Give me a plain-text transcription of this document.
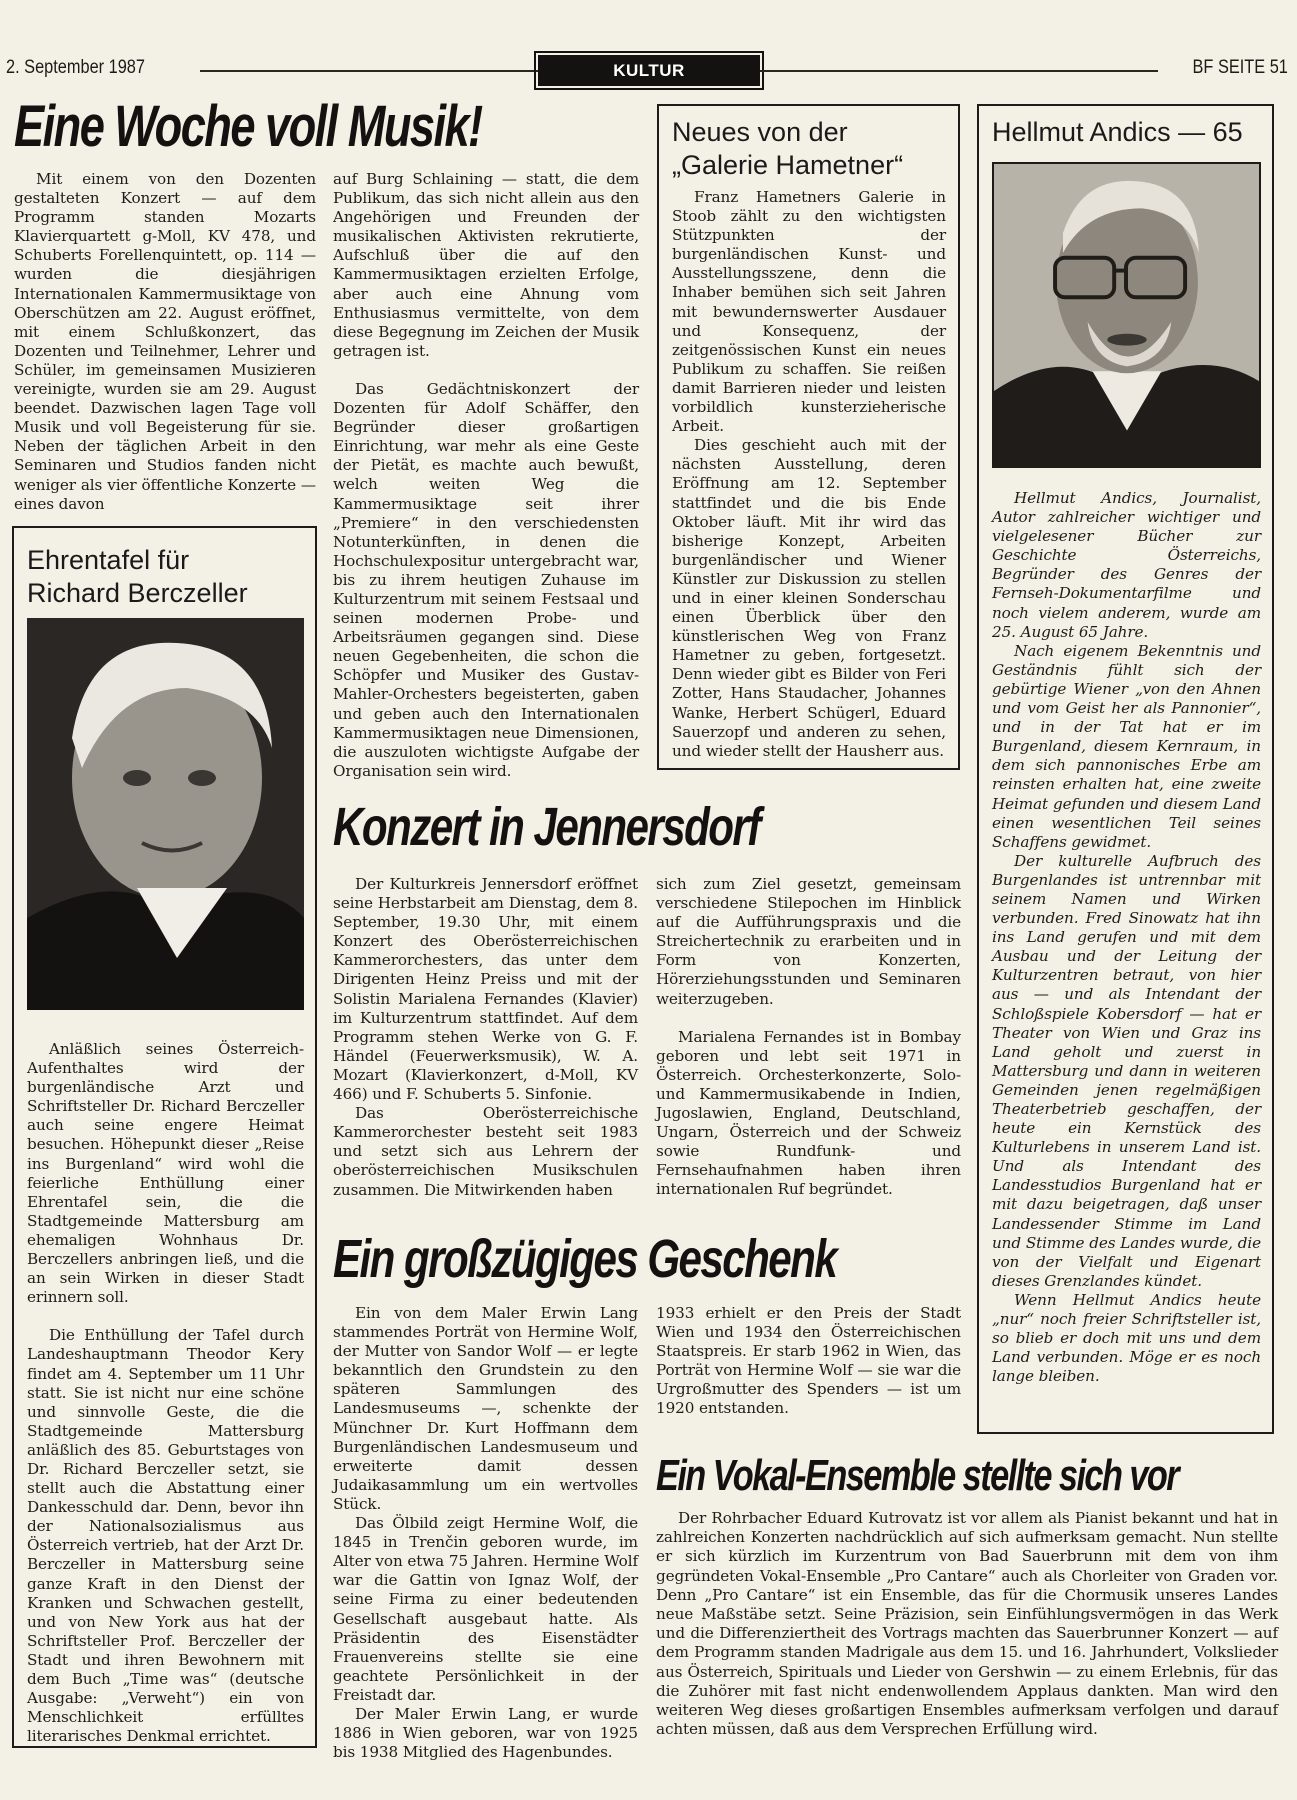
2. September 1987	KULTUR	BF SEITE 51
Eine Woche voll Musik!

Mit einem von den Dozenten gestalteten Konzert — auf dem Programm standen Mozarts Klavierquartett g-Moll, KV 478, und Schuberts Forellenquintett, op. 114 — wurden die diesjährigen Internationalen Kammermusiktage von Oberschützen am 22. August eröffnet, mit einem Schlußkonzert, das Dozenten und Teilnehmer, Lehrer und Schüler, im gemeinsamen Musizieren vereinigte, wurden sie am 29. August beendet. Dazwischen lagen Tage voll Musik und voll Begeisterung für sie. Neben der täglichen Arbeit in den Seminaren und Studios fanden nicht weniger als vier öffentliche Konzerte — eines davon

auf Burg Schlaining — statt, die dem Publikum, das sich nicht allein aus den Angehörigen und Freunden der musikalischen Aktivisten rekrutierte, Aufschluß über die auf den Kammermusiktagen erzielten Erfolge, aber auch eine Ahnung vom Enthusiasmus vermittelte, von dem diese Begegnung im Zeichen der Musik getragen ist.

Das Gedächtniskonzert der Dozenten für Adolf Schäffer, den Begründer dieser großartigen Einrichtung, war mehr als eine Geste der Pietät, es machte auch bewußt, welch weiten Weg die Kammermusiktage seit ihrer „Premiere“ in den verschiedensten Notunterkünften, in denen die Hochschulexpositur untergebracht war, bis zu ihrem heutigen Zuhause im Kulturzentrum mit seinem Festsaal und seinen modernen Probe- und Arbeitsräumen gegangen sind. Diese neuen Gegebenheiten, die schon die Schöpfer und Musiker des Gustav-Mahler-Orchesters begeisterten, gaben und geben auch den Internationalen Kammermusiktagen neue Dimensionen, die auszuloten wichtigste Aufgabe der Organisation sein wird.

Neues von der
„Galerie Hametner“

Franz Hametners Galerie in Stoob zählt zu den wichtigsten Stützpunkten der burgenländischen Kunst- und Ausstellungsszene, denn die Inhaber bemühen sich seit Jahren mit bewundernswerter Ausdauer und Konsequenz, der zeitgenössischen Kunst ein neues Publikum zu schaffen. Sie reißen damit Barrieren nieder und leisten vorbildlich kunsterzieherische Arbeit.

Dies geschieht auch mit der nächsten Ausstellung, deren Eröffnung am 12. September stattfindet und die bis Ende Oktober läuft. Mit ihr wird das bisherige Konzept, Arbeiten burgenländischer und Wiener Künstler zur Diskussion zu stellen und in einer kleinen Sonderschau einen Überblick über den künstlerischen Weg von Franz Hametner zu geben, fortgesetzt. Denn wieder gibt es Bilder von Feri Zotter, Hans Staudacher, Johannes Wanke, Herbert Schügerl, Eduard Sauerzopf und anderen zu sehen, und wieder stellt der Hausherr aus.

Hellmut Andics — 65

Hellmut Andics, Journalist, Autor zahlreicher wichtiger und vielgelesener Bücher zur Geschichte Österreichs, Begründer des Genres der Fernseh-Dokumentarfilme und noch vielem anderem, wurde am 25. August 65 Jahre.

Nach eigenem Bekenntnis und Geständnis fühlt sich der gebürtige Wiener „von den Ahnen und vom Geist her als Pannonier“, und in der Tat hat er im Burgenland, diesem Kernraum, in dem sich pannonisches Erbe am reinsten erhalten hat, eine zweite Heimat gefunden und diesem Land einen wesentlichen Teil seines Schaffens gewidmet.

Der kulturelle Aufbruch des Burgenlandes ist untrennbar mit seinem Namen und Wirken verbunden. Fred Sinowatz hat ihn ins Land gerufen und mit dem Ausbau und der Leitung der Kulturzentren betraut, von hier aus — und als Intendant der Schloßspiele Kobersdorf — hat er Theater von Wien und Graz ins Land geholt und zuerst in Mattersburg und dann in weiteren Gemeinden jenen regelmäßigen Theaterbetrieb geschaffen, der heute ein Kernstück des Kulturlebens in unserem Land ist. Und als Intendant des Landesstudios Burgenland hat er mit dazu beigetragen, daß unser Landessender Stimme im Land und Stimme des Landes wurde, die von der Vielfalt und Eigenart dieses Grenzlandes kündet.

Wenn Hellmut Andics heute „nur“ noch freier Schriftsteller ist, so blieb er doch mit uns und dem Land verbunden. Möge er es noch lange bleiben.

Ehrentafel für
Richard Berczeller

Anläßlich seines Österreich-Aufenthaltes wird der burgenländische Arzt und Schriftsteller Dr. Richard Berczeller auch seine engere Heimat besuchen. Höhepunkt dieser „Reise ins Burgenland“ wird wohl die feierliche Enthüllung einer Ehrentafel sein, die die Stadtgemeinde Mattersburg am ehemaligen Wohnhaus Dr. Berczellers anbringen ließ, und die an sein Wirken in dieser Stadt erinnern soll.

Die Enthüllung der Tafel durch Landeshauptmann Theodor Kery findet am 4. September um 11 Uhr statt. Sie ist nicht nur eine schöne und sinnvolle Geste, die die Stadtgemeinde Mattersburg anläßlich des 85. Geburtstages von Dr. Richard Berczeller setzt, sie stellt auch die Abstattung einer Dankesschuld dar. Denn, bevor ihn der Nationalsozialismus aus Österreich vertrieb, hat der Arzt Dr. Berczeller in Mattersburg seine ganze Kraft in den Dienst der Kranken und Schwachen gestellt, und von New York aus hat der Schriftsteller Prof. Berczeller der Stadt und ihren Bewohnern mit dem Buch „Time was“ (deutsche Ausgabe: „Verweht“) ein von Menschlichkeit erfülltes literarisches Denkmal errichtet.

Konzert in Jennersdorf

Der Kulturkreis Jennersdorf eröffnet seine Herbstarbeit am Dienstag, dem 8. September, 19.30 Uhr, mit einem Konzert des Oberösterreichischen Kammerorchesters, das unter dem Dirigenten Heinz Preiss und mit der Solistin Marialena Fernandes (Klavier) im Kulturzentrum stattfindet. Auf dem Programm stehen Werke von G. F. Händel (Feuerwerksmusik), W. A. Mozart (Klavierkonzert, d-Moll, KV 466) und F. Schuberts 5. Sinfonie.

Das Oberösterreichische Kammerorchester besteht seit 1983 und setzt sich aus Lehrern der oberösterreichischen Musikschulen zusammen. Die Mitwirkenden haben

sich zum Ziel gesetzt, gemeinsam verschiedene Stilepochen im Hinblick auf die Aufführungspraxis und die Streichertechnik zu erarbeiten und in Form von Konzerten, Hörerziehungsstunden und Seminaren weiterzugeben.

Marialena Fernandes ist in Bombay geboren und lebt seit 1971 in Österreich. Orchesterkonzerte, Solo- und Kammermusikabende in Indien, Jugoslawien, England, Deutschland, Ungarn, Österreich und der Schweiz sowie Rundfunk- und Fernsehaufnahmen haben ihren internationalen Ruf begründet.

Ein großzügiges Geschenk

Ein von dem Maler Erwin Lang stammendes Porträt von Hermine Wolf, der Mutter von Sandor Wolf — er legte bekanntlich den Grundstein zu den späteren Sammlungen des Landesmuseums —, schenkte der Münchner Dr. Kurt Hoffmann dem Burgenländischen Landesmuseum und erweiterte damit dessen Judaikasammlung um ein wertvolles Stück.

Das Ölbild zeigt Hermine Wolf, die 1845 in Trenčin geboren wurde, im Alter von etwa 75 Jahren. Hermine Wolf war die Gattin von Ignaz Wolf, der seine Firma zu einer bedeutenden Gesellschaft ausgebaut hatte. Als Präsidentin des Eisenstädter Frauenvereins stellte sie eine geachtete Persönlichkeit in der Freistadt dar.

Der Maler Erwin Lang, er wurde 1886 in Wien geboren, war von 1925 bis 1938 Mitglied des Hagenbundes.

1933 erhielt er den Preis der Stadt Wien und 1934 den Österreichischen Staatspreis. Er starb 1962 in Wien, das Porträt von Hermine Wolf — sie war die Urgroßmutter des Spenders — ist um 1920 entstanden.

Ein Vokal-Ensemble stellte sich vor

Der Rohrbacher Eduard Kutrovatz ist vor allem als Pianist bekannt und hat in zahlreichen Konzerten nachdrücklich auf sich aufmerksam gemacht. Nun stellte er sich kürzlich im Kurzentrum von Bad Sauerbrunn mit dem von ihm gegründeten Vokal-Ensemble „Pro Cantare“ auch als Chorleiter von Graden vor. Denn „Pro Cantare“ ist ein Ensemble, das für die Chormusik unseres Landes neue Maßstäbe setzt. Seine Präzision, sein Einfühlungsvermögen in das Werk und die Differenziertheit des Vortrags machten das Sauerbrunner Konzert — auf dem Programm standen Madrigale aus dem 15. und 16. Jahrhundert, Volkslieder aus Österreich, Spirituals und Lieder von Gershwin — zu einem Erlebnis, für das die Zuhörer mit fast nicht endenwollendem Applaus dankten. Man wird den weiteren Weg dieses großartigen Ensembles aufmerksam verfolgen und darauf achten müssen, daß aus dem Versprechen Erfüllung wird.
